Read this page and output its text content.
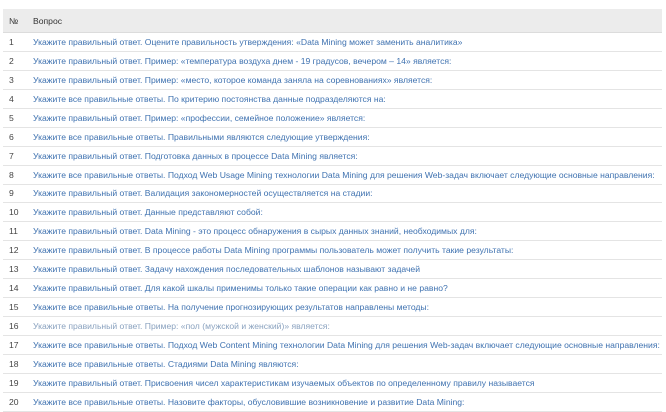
№	Вопрос
1	Укажите правильный ответ. Оцените правильность утверждения: «Data Mining может заменить аналитика»
2	Укажите правильный ответ. Пример: «температура воздуха днем - 19 градусов, вечером – 14» является:
3	Укажите правильный ответ. Пример: «место, которое команда заняла на соревнованиях» является:
4	Укажите все правильные ответы. По критерию постоянства данные подразделяются на:
5	Укажите правильный ответ. Пример: «профессии, семейное положение» является:
6	Укажите все правильные ответы. Правильными являются следующие утверждения:
7	Укажите правильный ответ. Подготовка данных в процессе Data Mining является:
8	Укажите все правильные ответы. Подход Web Usage Mining технологии Data Mining для решения Web-задач включает следующие основные направления:
9	Укажите правильный ответ. Валидация закономерностей осуществляется на стадии:
10	Укажите правильный ответ. Данные представляют собой:
11	Укажите правильный ответ. Data Mining - это процесс обнаружения в сырых данных знаний, необходимых для:
12	Укажите правильный ответ. В процессе работы Data Mining программы пользователь может получить такие результаты:
13	Укажите правильный ответ. Задачу нахождения последовательных шаблонов называют задачей
14	Укажите правильный ответ. Для какой шкалы применимы только такие операции как равно и не равно?
15	Укажите все правильные ответы. На получение прогнозирующих результатов направлены методы:
16	Укажите правильный ответ. Пример: «пол (мужской и женский)» является:
17	Укажите все правильные ответы. Подход Web Content Mining технологии Data Mining для решения Web-задач включает следующие основные направления:
18	Укажите все правильные ответы. Стадиями Data Mining являются:
19	Укажите правильный ответ. Присвоения чисел характеристикам изучаемых объектов по определенному правилу называется
20	Укажите все правильные ответы. Назовите факторы, обусловившие возникновение и развитие Data Mining:
